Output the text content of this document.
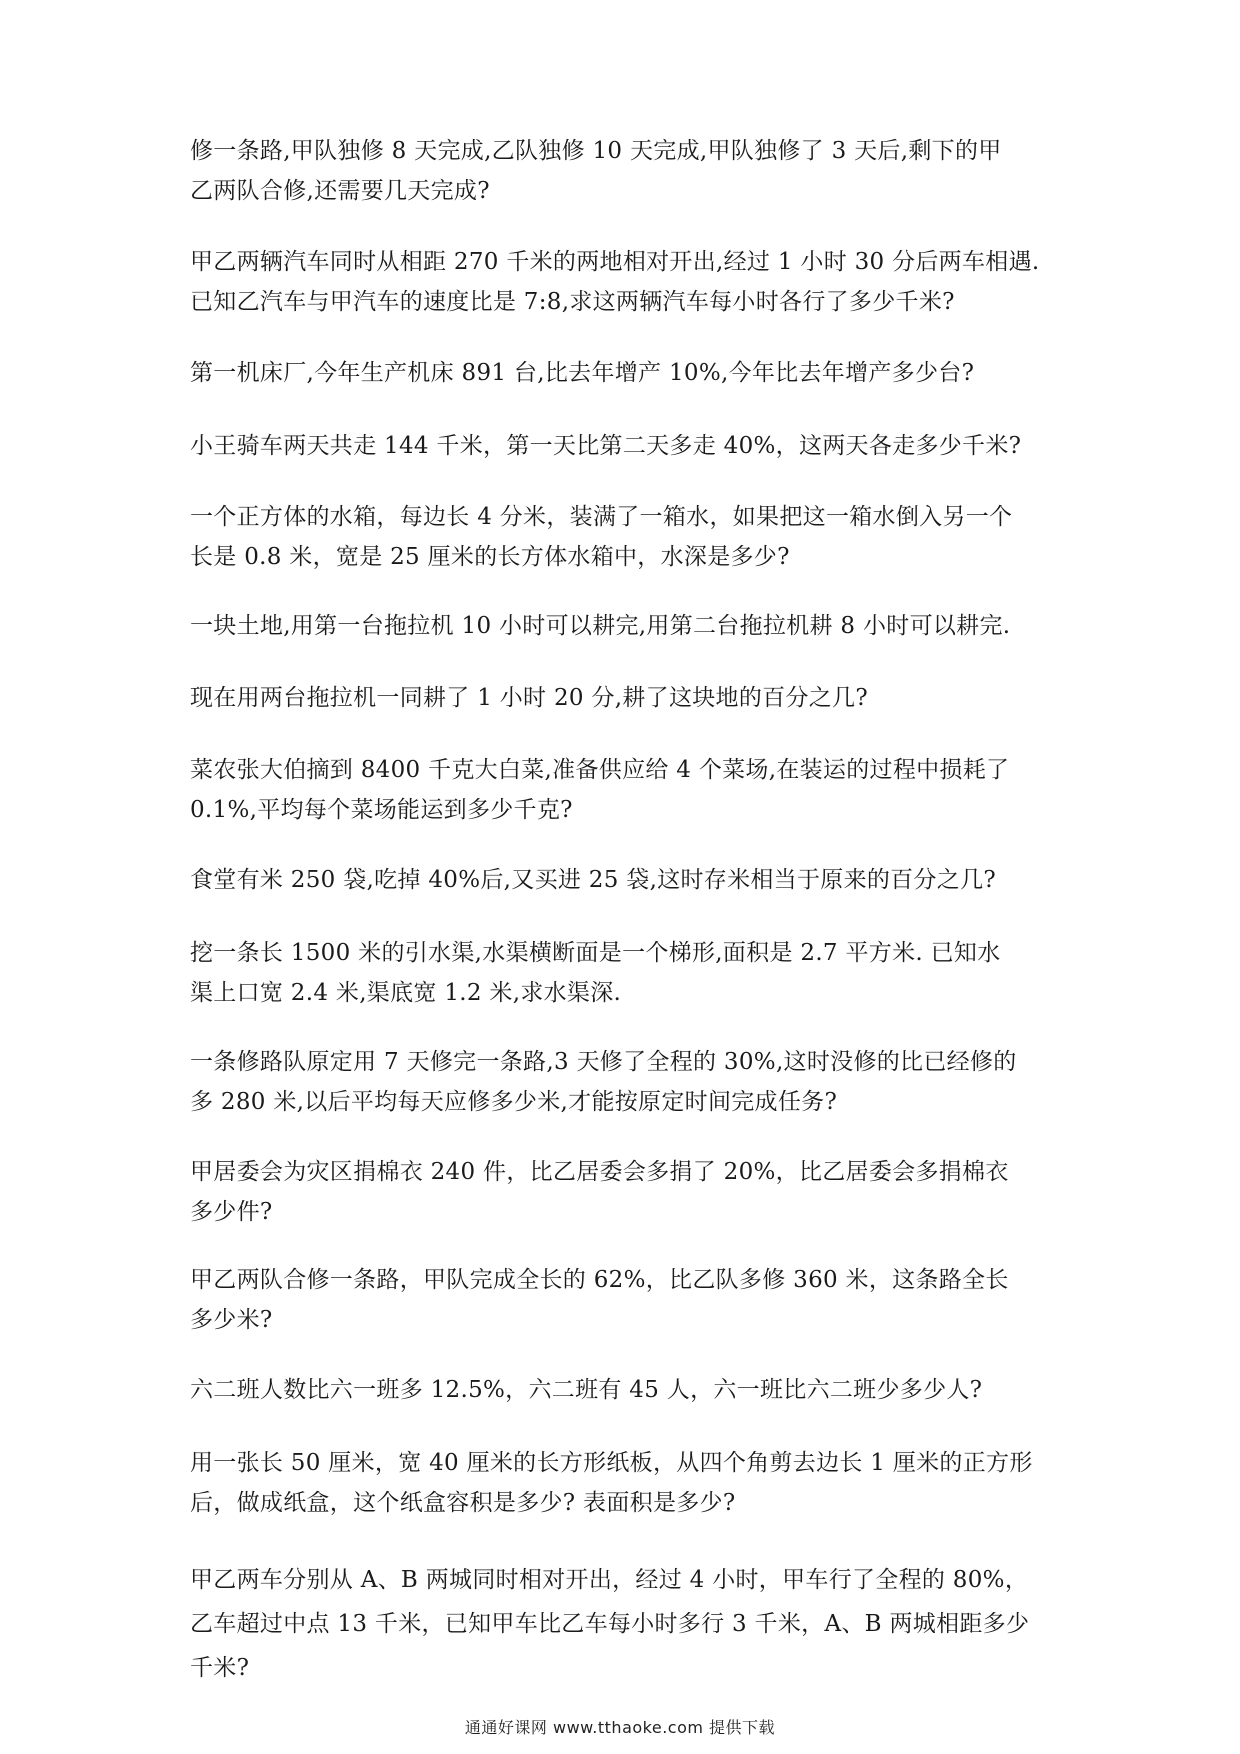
修一条路,甲队独修 8 天完成,乙队独修 10 天完成,甲队独修了 3 天后,剩下的甲
乙两队合修,还需要几天完成?

甲乙两辆汽车同时从相距 270 千米的两地相对开出,经过 1 小时 30 分后两车相遇.
已知乙汽车与甲汽车的速度比是 7:8,求这两辆汽车每小时各行了多少千米?

第一机床厂,今年生产机床 891 台,比去年增产 10%,今年比去年增产多少台?

小王骑车两天共走 144 千米，第一天比第二天多走 40%，这两天各走多少千米?

一个正方体的水箱，每边长 4 分米，装满了一箱水，如果把这一箱水倒入另一个
长是 0.8 米，宽是 25 厘米的长方体水箱中，水深是多少?

一块土地,用第一台拖拉机 10 小时可以耕完,用第二台拖拉机耕 8 小时可以耕完.

现在用两台拖拉机一同耕了 1 小时 20 分,耕了这块地的百分之几?

菜农张大伯摘到 8400 千克大白菜,准备供应给 4 个菜场,在装运的过程中损耗了
0.1%,平均每个菜场能运到多少千克?

食堂有米 250 袋,吃掉 40%后,又买进 25 袋,这时存米相当于原来的百分之几?

挖一条长 1500 米的引水渠,水渠横断面是一个梯形,面积是 2.7 平方米. 已知水
渠上口宽 2.4 米,渠底宽 1.2 米,求水渠深.

一条修路队原定用 7 天修完一条路,3 天修了全程的 30%,这时没修的比已经修的
多 280 米,以后平均每天应修多少米,才能按原定时间完成任务?

甲居委会为灾区捐棉衣 240 件，比乙居委会多捐了 20%，比乙居委会多捐棉衣
多少件?

甲乙两队合修一条路，甲队完成全长的 62%，比乙队多修 360 米，这条路全长
多少米?

六二班人数比六一班多 12.5%，六二班有 45 人，六一班比六二班少多少人?

用一张长 50 厘米，宽 40 厘米的长方形纸板，从四个角剪去边长 1 厘米的正方形
后，做成纸盒，这个纸盒容积是多少? 表面积是多少?

甲乙两车分别从 A、B 两城同时相对开出，经过 4 小时，甲车行了全程的 80%，
乙车超过中点 13 千米，已知甲车比乙车每小时多行 3 千米，A、B 两城相距多少
千米?

通通好课网 www.tthaoke.com 提供下载
